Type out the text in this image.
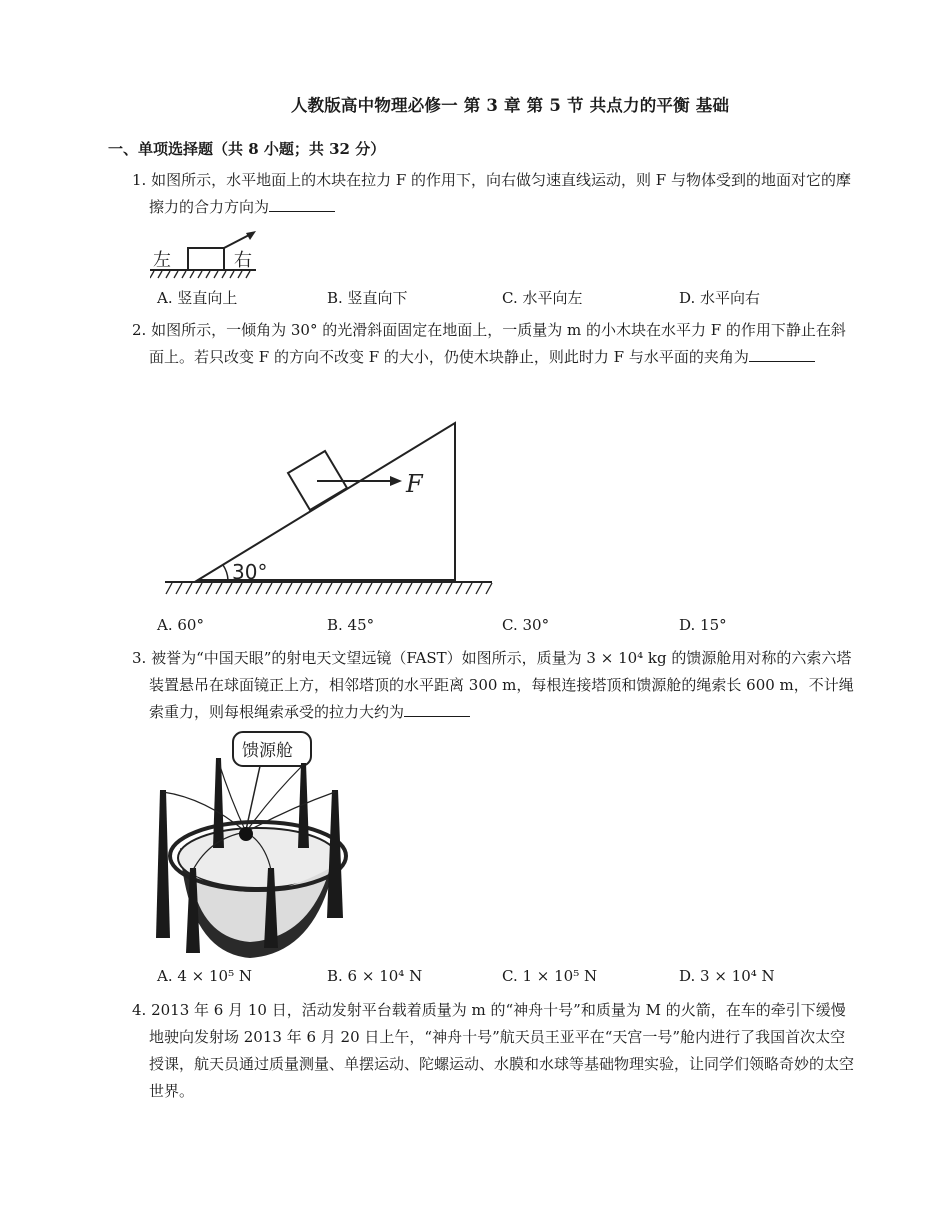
人教版高中物理必修一 第 3 章 第 5 节 共点力的平衡 基础
一、单项选择题（共 8 小题；共 32 分）
1. 如图所示，水平地面上的木块在拉力 F 的作用下，向右做匀速直线运动，则 F 与物体受到的地面对它的摩擦力的合力方向为
左	右
A. 竖直向上	B. 竖直向下	C. 水平向左	D. 水平向右
2. 如图所示，一倾角为 30° 的光滑斜面固定在地面上，一质量为 m 的小木块在水平力 F 的作用下静止在斜面上。若只改变 F 的方向不改变 F 的大小，仍使木块静止，则此时力 F 与水平面的夹角为
F
30°
A. 60°	B. 45°	C. 30°	D. 15°
3. 被誉为“中国天眼”的射电天文望远镜（FAST）如图所示，质量为 3 × 10⁴ kg 的馈源舱用对称的六索六塔装置悬吊在球面镜正上方，相邻塔顶的水平距离 300 m，每根连接塔顶和馈源舱的绳索长 600 m，不计绳索重力，则每根绳索承受的拉力大约为
馈源舱
A. 4 × 10⁵ N	B. 6 × 10⁴ N	C. 1 × 10⁵ N	D. 3 × 10⁴ N
4. 2013 年 6 月 10 日，活动发射平台载着质量为 m 的“神舟十号”和质量为 M 的火箭，在车的牵引下缓慢地驶向发射场 2013 年 6 月 20 日上午，“神舟十号”航天员王亚平在“天宫一号”舱内进行了我国首次太空授课，航天员通过质量测量、单摆运动、陀螺运动、水膜和水球等基础物理实验，让同学们领略奇妙的太空世界。
